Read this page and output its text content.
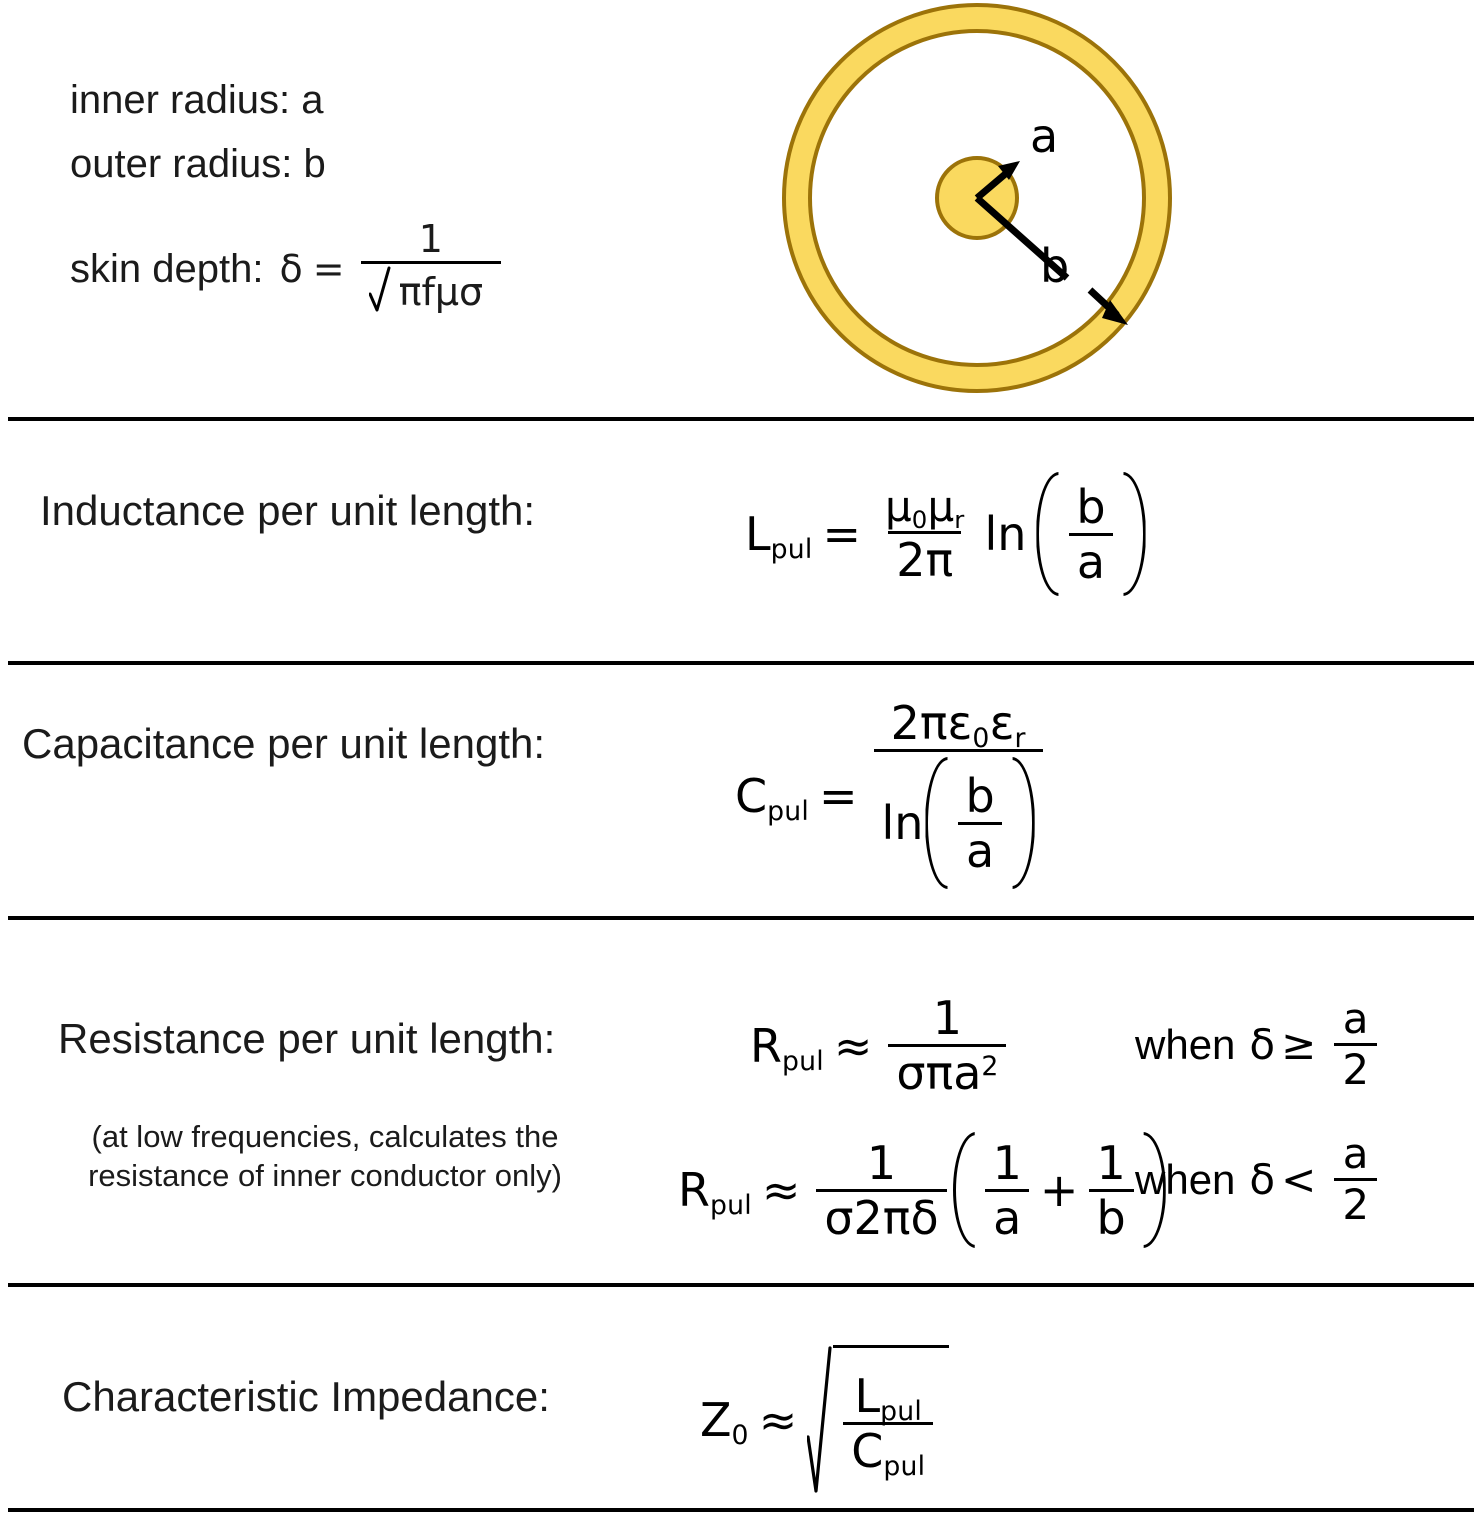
inner radius: a
outer radius: b
skin depth: $\delta = \frac{1}{\text{πfμσ}}$
a
b
Inductance per unit length:	Lpul = $\frac{\mu 0\mu r}{2\pi}$ $\ln \frac{b}{a}$
Capacitance per unit length:
Cpul =
2πε0εr
$\ln \frac{b}{a}$
Resistance per unit length:
(at low frequencies, calculates the resistance of inner conductor only)
Rpul ≈ $\frac{1}{\sigma\pi a^2}$	when $\delta \ge \frac{a}{2}$
Rpul ≈ $\frac{1}{\sigma 2\pi\delta} \frac{1}{a} + \frac{1}{b}$ when $\delta < \frac{a}{2}$
Characteristic Impedance:	$Z0 \approx \frac{\text{Lpul}}{\text{Cpul}}$
